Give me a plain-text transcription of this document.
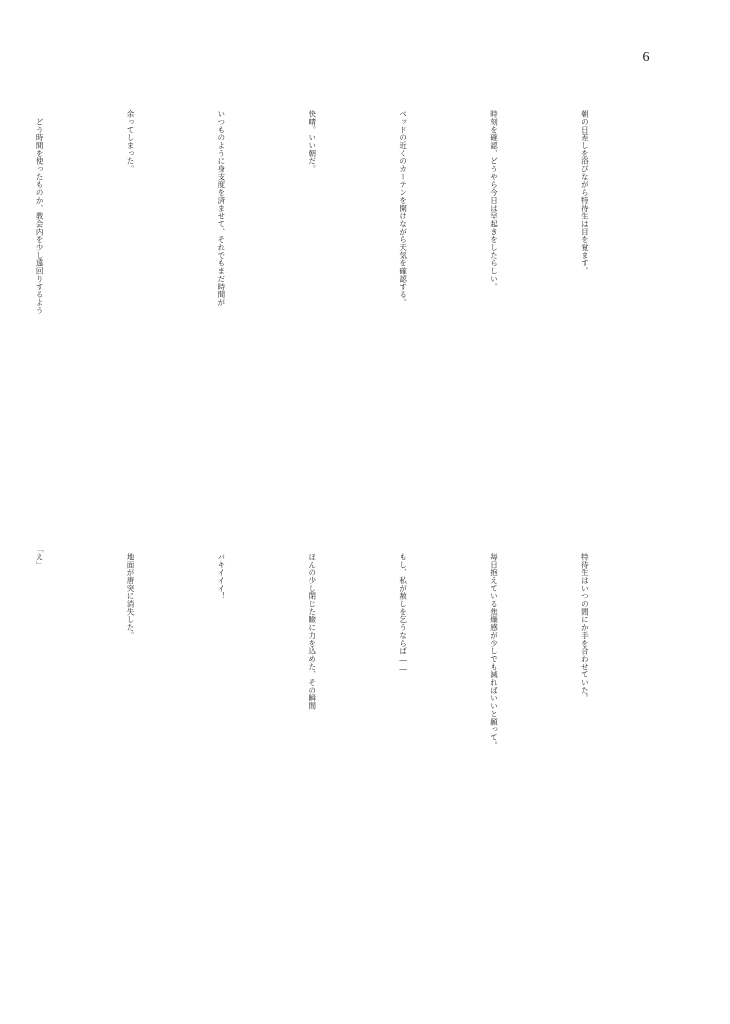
6

朝の日差しを浴びながら特待生は目を覚ます。

時刻を確認、どうやら今日は早起きをしたらしい。

ベッドの近くのカーテンを開けながら天気を確認する。

快晴。いい朝だ。

いつものように身支度を済ませて、それでもまだ時間が

余ってしまった。

　どう時間を使ったものか、教会内を少し遠回りするよう

　特待生はいつの間にか手を合わせていた。

　毎日抱えている焦燥感が少しでも減ればいいと願って。

　もし、私が赦しを乞うならば――

　ほんの少し閉じた瞼に力を込めた、その瞬間

　バキイイイ！

　地面が唐突に消失した。

「え」
